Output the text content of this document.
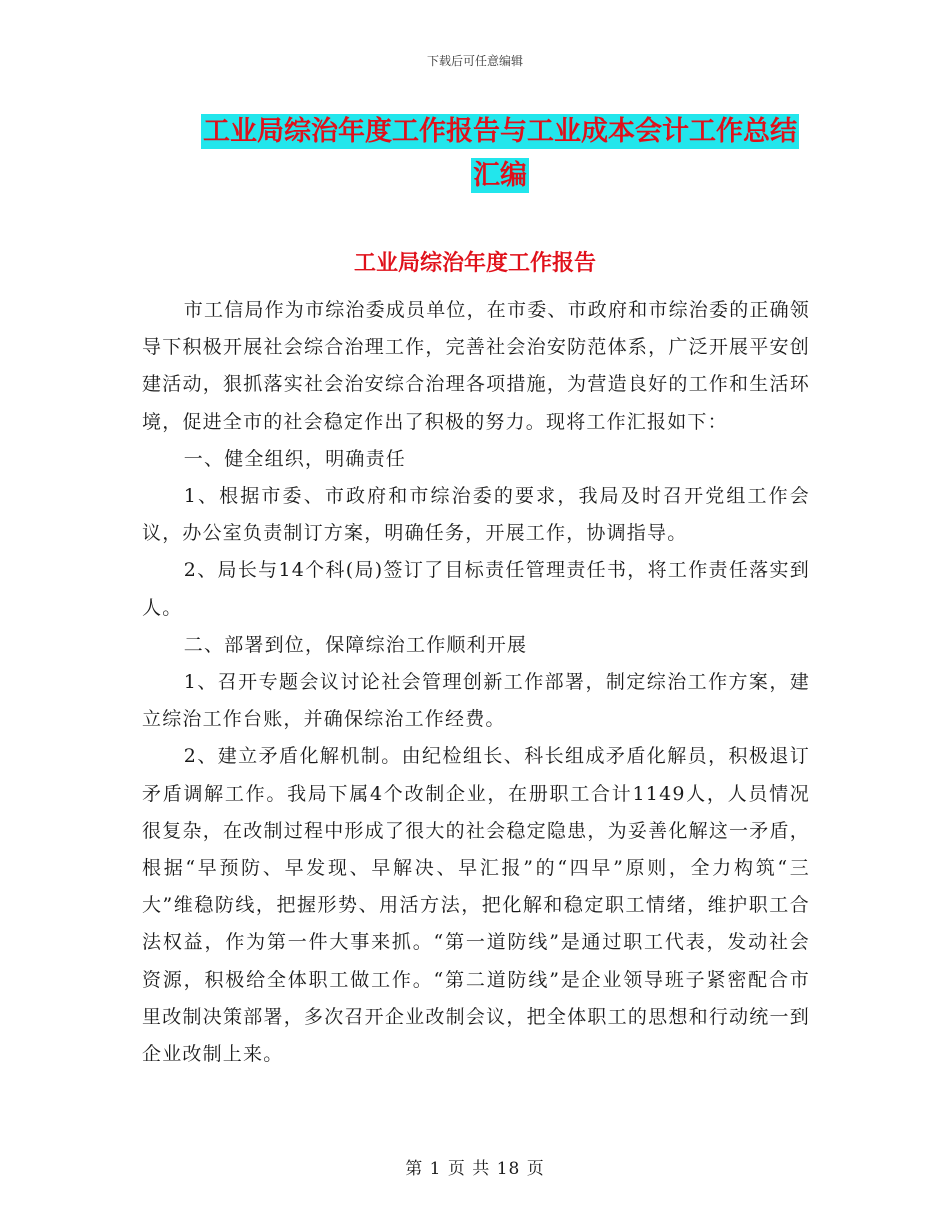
下载后可任意编辑
工业局综治年度工作报告与工业成本会计工作总结汇编
工业局综治年度工作报告

市工信局作为市综治委成员单位，在市委、市政府和市综治委的正确领导下积极开展社会综合治理工作，完善社会治安防范体系，广泛开展平安创建活动，狠抓落实社会治安综合治理各项措施，为营造良好的工作和生活环境，促进全市的社会稳定作出了积极的努力。现将工作汇报如下：

一、健全组织，明确责任

1、根据市委、市政府和市综治委的要求，我局及时召开党组工作会议，办公室负责制订方案，明确任务，开展工作，协调指导。

2、局长与14个科(局)签订了目标责任管理责任书，将工作责任落实到人。

二、部署到位，保障综治工作顺利开展

1、召开专题会议讨论社会管理创新工作部署，制定综治工作方案，建立综治工作台账，并确保综治工作经费。

2、建立矛盾化解机制。由纪检组长、科长组成矛盾化解员，积极退订矛盾调解工作。我局下属4个改制企业，在册职工合计1149人，人员情况很复杂，在改制过程中形成了很大的社会稳定隐患，为妥善化解这一矛盾，根据“早预防、早发现、早解决、早汇报”的“四早”原则，全力构筑“三大”维稳防线，把握形势、用活方法，把化解和稳定职工情绪，维护职工合法权益，作为第一件大事来抓。“第一道防线”是通过职工代表，发动社会资源，积极给全体职工做工作。“第二道防线”是企业领导班子紧密配合市里改制决策部署，多次召开企业改制会议，把全体职工的思想和行动统一到企业改制上来。

第 1 页 共 18 页
